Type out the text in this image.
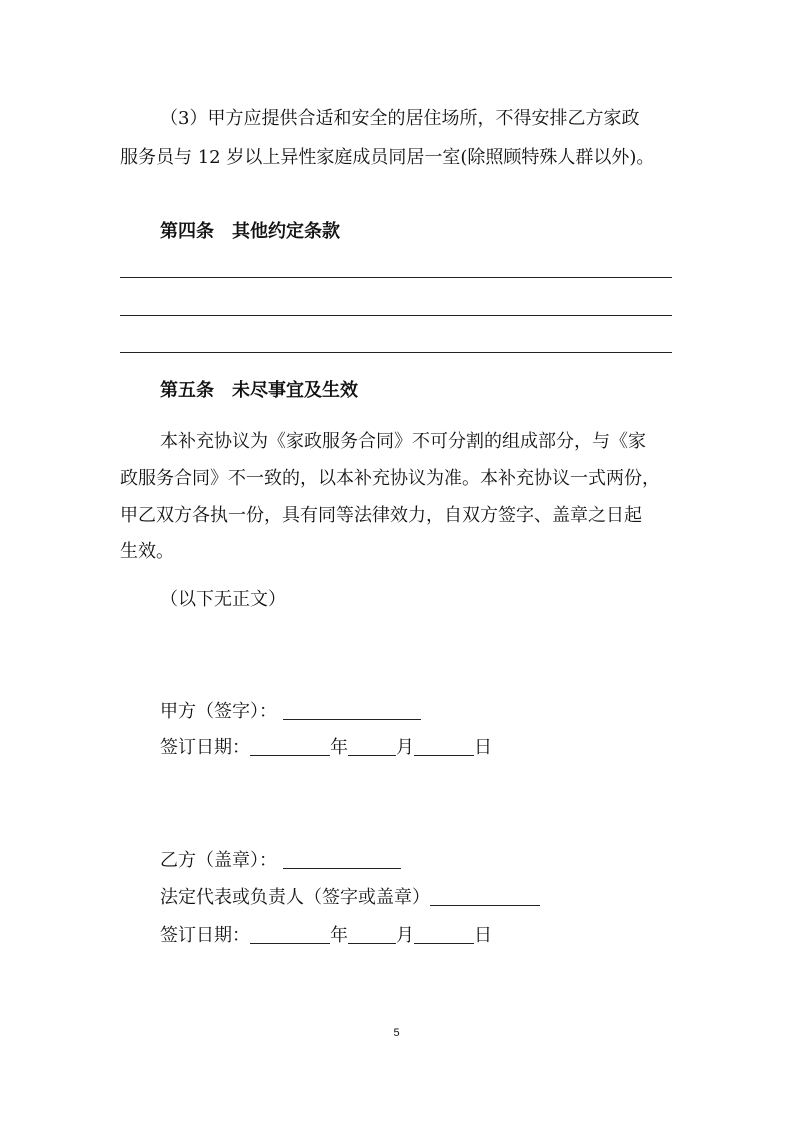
（3）甲方应提供合适和安全的居住场所，不得安排乙方家政
服务员与 12 岁以上异性家庭成员同居一室(除照顾特殊人群以外)。
第四条　其他约定条款
第五条　未尽事宜及生效
本补充协议为《家政服务合同》不可分割的组成部分，与《家
政服务合同》不一致的，以本补充协议为准。本补充协议一式两份，
甲乙双方各执一份，具有同等法律效力，自双方签字、盖章之日起
生效。
（以下无正文）
甲方（签字）：
签订日期：	年	月	日
乙方（盖章）：
法定代表或负责人（签字或盖章）
签订日期：	年	月	日
5
